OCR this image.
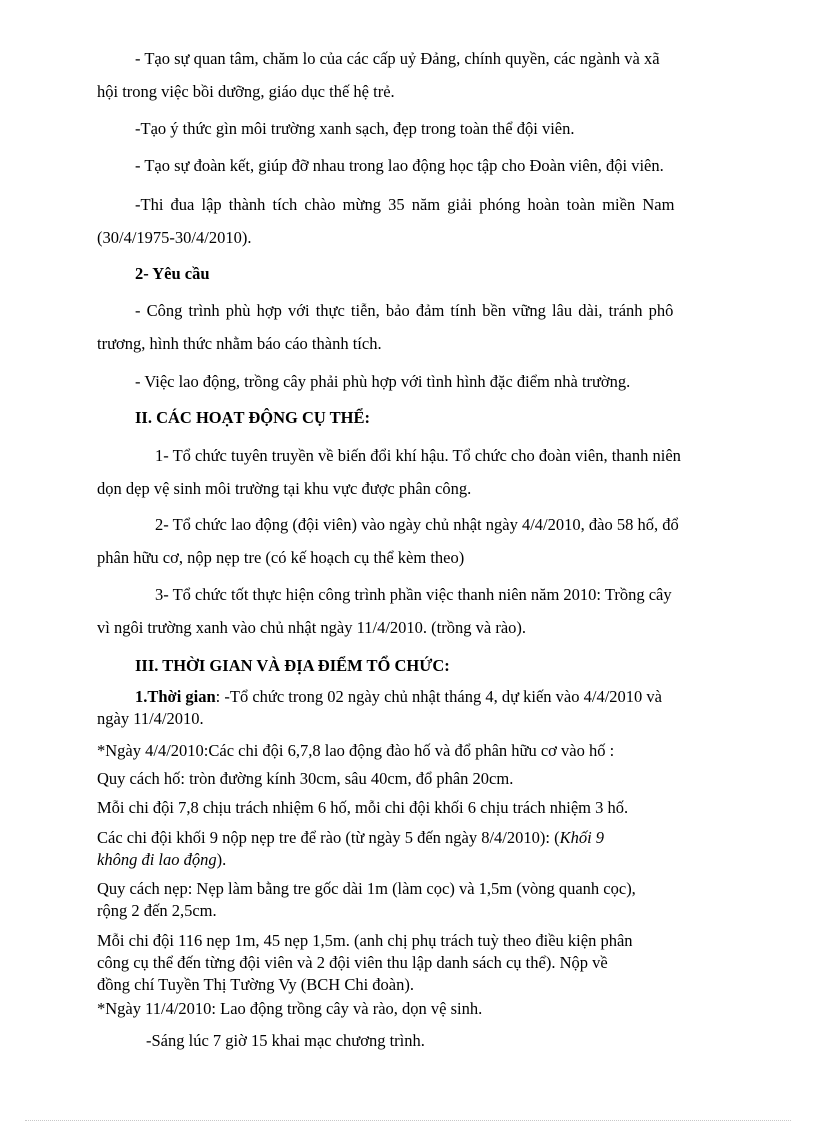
- Tạo sự quan tâm, chăm lo của các cấp uỷ Đảng, chính quyền, các ngành và xã
hội trong việc bồi dưỡng, giáo dục thế hệ trẻ.
-Tạo ý thức gìn môi trường xanh sạch, đẹp trong toàn thể đội viên.
- Tạo sự đoàn kết, giúp đỡ nhau trong lao động học tập cho Đoàn viên, đội viên.
-Thi đua lập thành tích chào mừng 35 năm giải phóng hoàn toàn miền Nam
(30/4/1975-30/4/2010).
2- Yêu cầu
- Công trình phù hợp với thực tiễn, bảo đảm tính bền vững lâu dài, tránh phô
trương, hình thức nhằm báo cáo thành tích.
- Việc lao động, trồng cây phải phù hợp với tình hình đặc điểm nhà trường.
II. CÁC HOẠT ĐỘNG CỤ THỂ:
1- Tổ chức tuyên truyền về biến đổi khí hậu. Tổ chức cho đoàn viên, thanh niên
dọn dẹp vệ sinh môi trường tại khu vực được phân công.
2- Tổ chức lao động (đội viên) vào ngày chủ nhật ngày 4/4/2010, đào 58 hố, đổ
phân hữu cơ, nộp nẹp tre (có kế hoạch cụ thể kèm theo)
3- Tổ chức tốt thực hiện công trình phần việc thanh niên năm 2010: Trồng cây
vì ngôi trường xanh vào chủ nhật ngày 11/4/2010. (trồng và rào).
III. THỜI GIAN VÀ ĐỊA ĐIỂM TỔ CHỨC:
1.Thời gian: -Tổ chức trong 02 ngày chủ nhật tháng 4, dự kiến vào 4/4/2010 và
ngày 11/4/2010.
*Ngày 4/4/2010:Các chi đội 6,7,8 lao động đào hố và đổ phân hữu cơ vào hố :
Quy cách hố: tròn đường kính 30cm, sâu 40cm, đổ phân 20cm.
Mỗi chi đội 7,8 chịu trách nhiệm 6 hố, mỗi chi đội khối 6 chịu trách nhiệm 3 hố.
Các chi đội khối 9 nộp nẹp tre để rào (từ ngày 5 đến ngày 8/4/2010): (Khối 9
không đi lao động).
Quy cách nẹp: Nẹp làm bằng tre gốc dài 1m (làm cọc) và 1,5m (vòng quanh cọc),
rộng 2 đến 2,5cm.
Mỗi chi đội 116 nẹp 1m, 45 nẹp 1,5m. (anh chị phụ trách tuỳ theo điều kiện phân
công cụ thể đến từng đội viên và 2 đội viên thu lập danh sách cụ thể). Nộp về
đồng chí Tuyền Thị Tường Vy (BCH Chi đoàn).
*Ngày 11/4/2010: Lao động trồng cây và rào, dọn vệ sinh.
-Sáng lúc 7 giờ 15 khai mạc chương trình.
